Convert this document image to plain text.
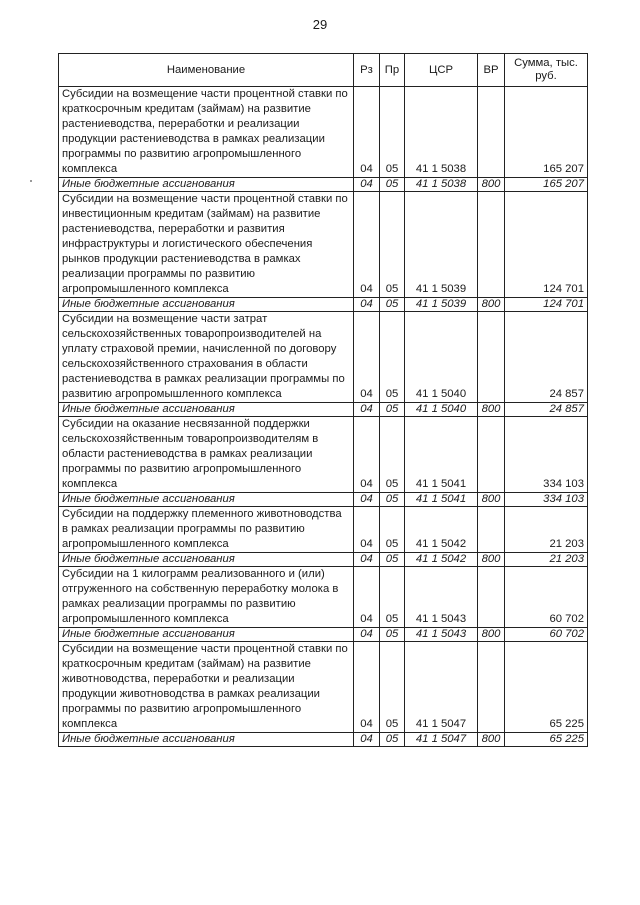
29
Наименование	Рз	Пр	ЦСР	ВР	Сумма, тыс. руб.
Субсидии на возмещение части процентной ставки по краткосрочным кредитам (займам) на развитие растениеводства, переработки и реализации продукции растениеводства в рамках реализации программы по развитию агропромышленного комплекса	04	05	41 1 5038		165 207
Иные бюджетные ассигнования	04	05	41 1 5038	800	165 207
Субсидии на возмещение части процентной ставки по инвестиционным кредитам (займам) на развитие растениеводства, переработки и развития инфраструктуры и логистического обеспечения рынков продукции растениеводства в рамках реализации программы по развитию агропромышленного комплекса	04	05	41 1 5039		124 701
Иные бюджетные ассигнования	04	05	41 1 5039	800	124 701
Субсидии на возмещение части затрат сельскохозяйственных товаропроизводителей на уплату страховой премии, начисленной по договору сельскохозяйственного страхования в области растениеводства в рамках реализации программы по развитию агропромышленного комплекса	04	05	41 1 5040		24 857
Иные бюджетные ассигнования	04	05	41 1 5040	800	24 857
Субсидии на оказание несвязанной поддержки сельскохозяйственным товаропроизводителям в области растениеводства в рамках реализации программы по развитию агропромышленного комплекса	04	05	41 1 5041		334 103
Иные бюджетные ассигнования	04	05	41 1 5041	800	334 103
Субсидии на поддержку племенного животноводства в рамках реализации программы по развитию агропромышленного комплекса	04	05	41 1 5042		21 203
Иные бюджетные ассигнования	04	05	41 1 5042	800	21 203
Субсидии на 1 килограмм реализованного и (или) отгруженного на собственную переработку молока в рамках реализации программы по развитию агропромышленного комплекса	04	05	41 1 5043		60 702
Иные бюджетные ассигнования	04	05	41 1 5043	800	60 702
Субсидии на возмещение части процентной ставки по краткосрочным кредитам (займам) на развитие животноводства, переработки и реализации продукции животноводства в рамках реализации программы по развитию агропромышленного комплекса	04	05	41 1 5047		65 225
Иные бюджетные ассигнования	04	05	41 1 5047	800	65 225
